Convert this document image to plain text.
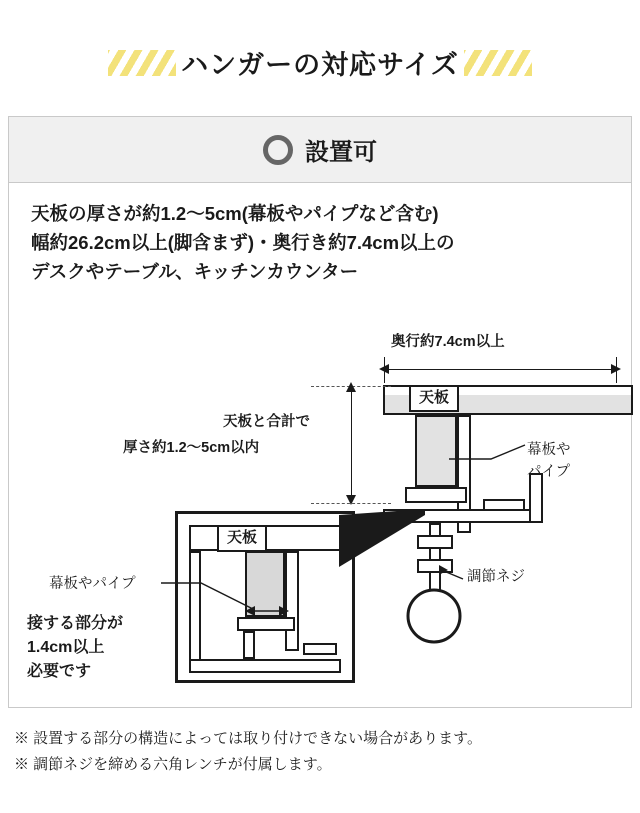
ハンガーの対応サイズ
設置可
天板の厚さが約1.2〜5cm(幕板やパイプなど含む)
幅約26.2cm以上(脚含まず)・奥行き約7.4cm以上の
デスクやテーブル、キッチンカウンター
奥行約7.4cm以上
天板
天板と合計で
厚さ約1.2〜5cm以内	幕板や
パイプ
調節ネジ
天板
幕板やパイプ
接する部分が
1.4cm以上
必要です
※ 設置する部分の構造によっては取り付けできない場合があります。
※ 調節ネジを締める六角レンチが付属します。
